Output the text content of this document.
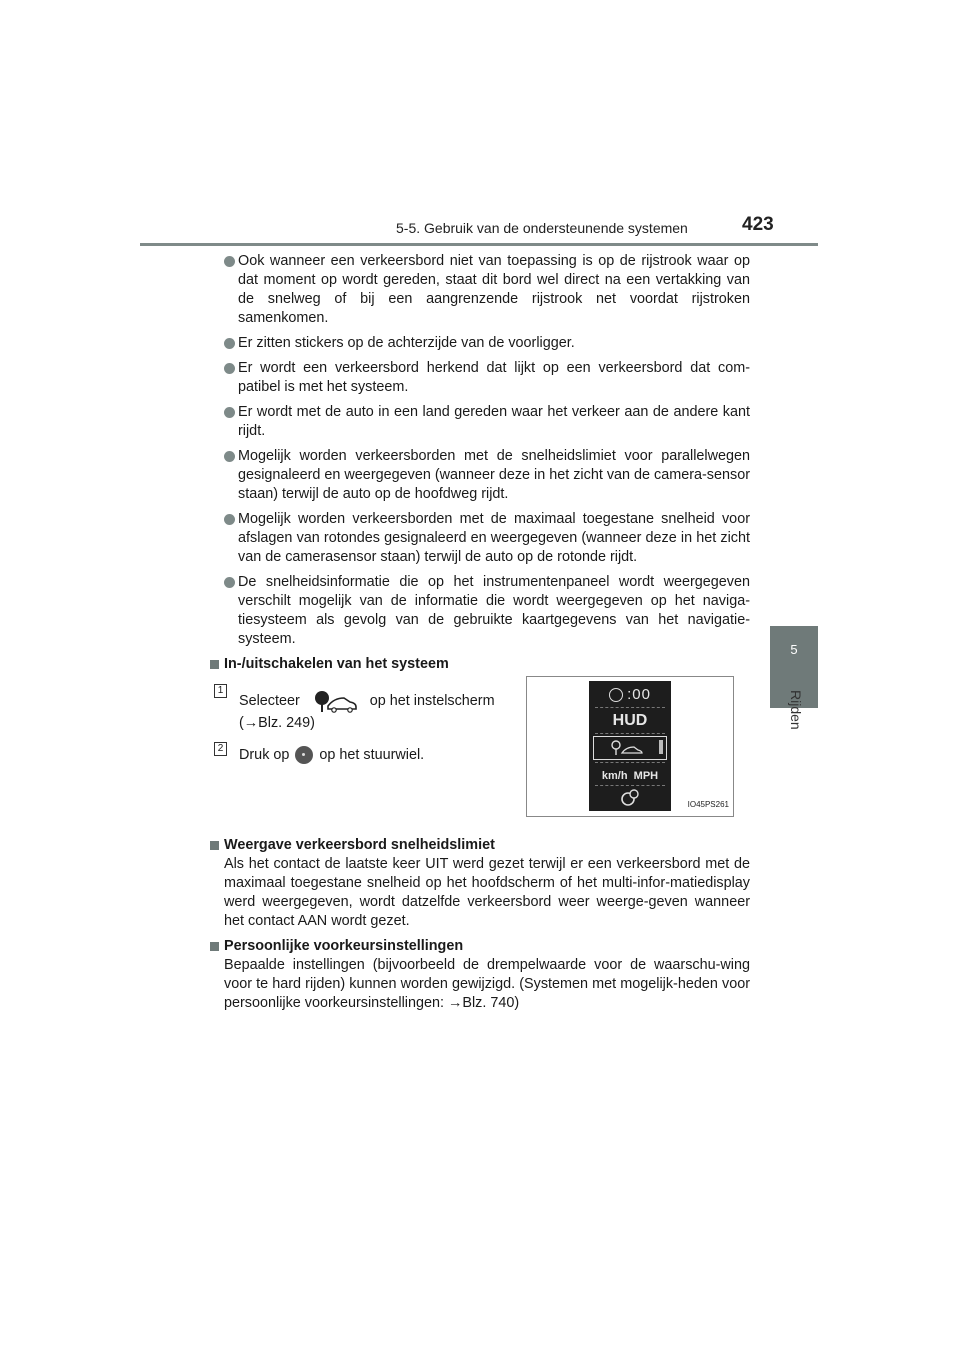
5-5. Gebruik van de ondersteunende systemen	423
5
Rijden
Ook wanneer een verkeersbord niet van toepassing is op de rijstrook waar op dat moment op wordt gereden, staat dit bord wel direct na een vertakking van de snelweg of bij een aangrenzende rijstrook net voordat rijstroken samenkomen.
Er zitten stickers op de achterzijde van de voorligger.
Er wordt een verkeersbord herkend dat lijkt op een verkeersbord dat com-patibel is met het systeem.
Er wordt met de auto in een land gereden waar het verkeer aan de andere kant rijdt.
Mogelijk worden verkeersborden met de snelheidslimiet voor parallelwegen gesignaleerd en weergegeven (wanneer deze in het zicht van de camera-sensor staan) terwijl de auto op de hoofdweg rijdt.
Mogelijk worden verkeersborden met de maximaal toegestane snelheid voor afslagen van rotondes gesignaleerd en weergegeven (wanneer deze in het zicht van de camerasensor staan) terwijl de auto op de rotonde rijdt.
De snelheidsinformatie die op het instrumentenpaneel wordt weergegeven verschilt mogelijk van de informatie die wordt weergegeven op het naviga-tiesysteem als gevolg van de gebruikte kaartgegevens van het navigatie-systeem.
In-/uitschakelen van het systeem
1Selecteer	op het instelscherm
(→Blz. 249)
2 Druk op op het stuurwiel.
:00
HUD
km/h  MPH
IO45PS261
Weergave verkeersbord snelheidslimiet
Als het contact de laatste keer UIT werd gezet terwijl er een verkeersbord met de maximaal toegestane snelheid op het hoofdscherm of het multi-infor-matiedisplay werd weergegeven, wordt datzelfde verkeersbord weer weerge-geven wanneer het contact AAN wordt gezet.
Persoonlijke voorkeursinstellingen
Bepaalde instellingen (bijvoorbeeld de drempelwaarde voor de waarschu-wing voor te hard rijden) kunnen worden gewijzigd. (Systemen met mogelijk-heden voor persoonlijke voorkeursinstellingen: →Blz. 740)
